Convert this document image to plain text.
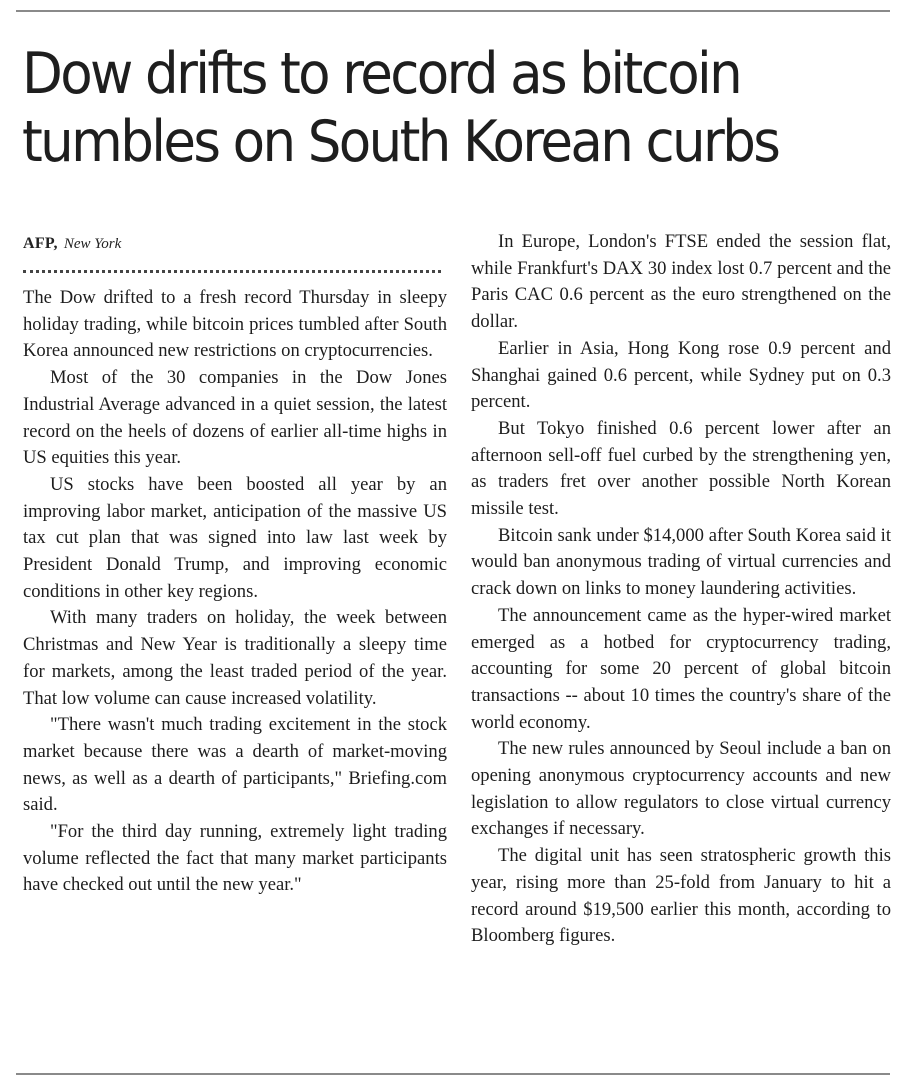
Dow drifts to record as bitcoin
tumbles on South Korean curbs
AFP, New York

The Dow drifted to a fresh record Thursday in sleepy holiday trading, while bitcoin prices tumbled after South Korea announced new restrictions on cryptocurrencies.

Most of the 30 companies in the Dow Jones Industrial Average advanced in a quiet session, the latest record on the heels of dozens of earlier all-time highs in US equities this year.

US stocks have been boosted all year by an improving labor market, anticipation of the massive US tax cut plan that was signed into law last week by President Donald Trump, and improving economic conditions in other key regions.

With many traders on holiday, the week between Christmas and New Year is traditionally a sleepy time for markets, among the least traded period of the year. That low volume can cause increased volatility.

"There wasn't much trading excitement in the stock market because there was a dearth of market-moving news, as well as a dearth of participants," Briefing.com said.

"For the third day running, extremely light trading volume reflected the fact that many market participants have checked out until the new year."

In Europe, London's FTSE ended the session flat, while Frankfurt's DAX 30 index lost 0.7 percent and the Paris CAC 0.6 percent as the euro strengthened on the dollar.

Earlier in Asia, Hong Kong rose 0.9 percent and Shanghai gained 0.6 percent, while Sydney put on 0.3 percent.

But Tokyo finished 0.6 percent lower after an afternoon sell-off fuel curbed by the strengthening yen, as traders fret over another possible North Korean missile test.

Bitcoin sank under $14,000 after South Korea said it would ban anonymous trading of virtual currencies and crack down on links to money laundering activities.

The announcement came as the hyper-wired market emerged as a hotbed for cryptocurrency trading, accounting for some 20 percent of global bitcoin transactions -- about 10 times the country's share of the world economy.

The new rules announced by Seoul include a ban on opening anonymous cryptocurrency accounts and new legislation to allow regulators to close virtual currency exchanges if necessary.

The digital unit has seen stratospheric growth this year, rising more than 25-fold from January to hit a record around $19,500 earlier this month, according to Bloomberg figures.
